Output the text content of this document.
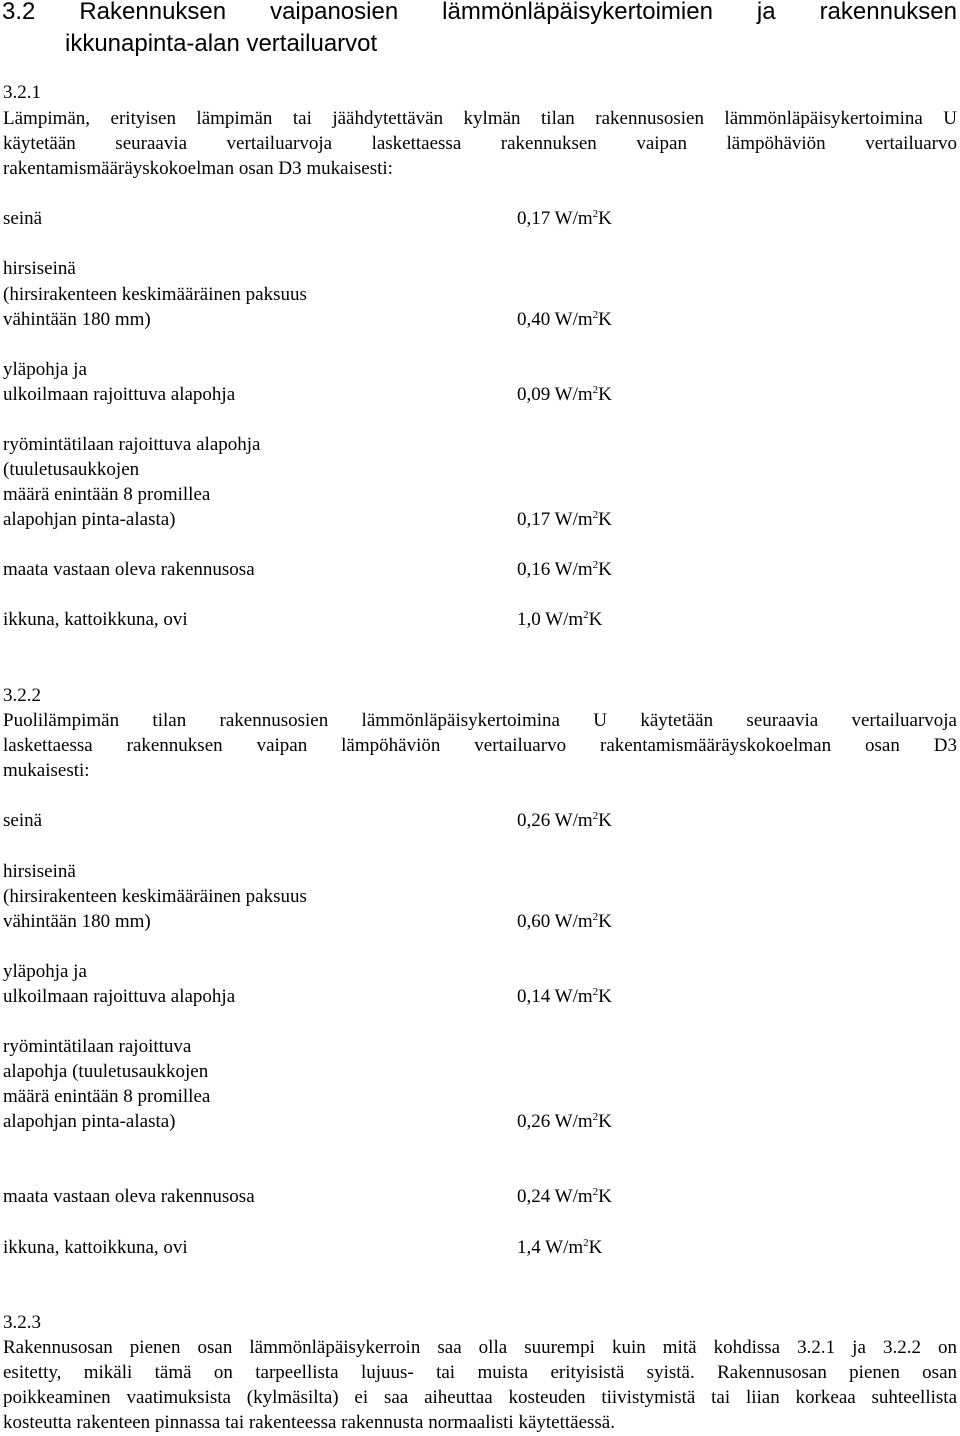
3.2 Rakennuksen vaipanosien lämmönläpäisykertoimien ja rakennuksen
ikkunapinta-alan vertailuarvot
3.2.1
Lämpimän, erityisen lämpimän tai jäähdytettävän kylmän tilan rakennusosien lämmönläpäisykertoimina U
käytetään seuraavia vertailuarvoja laskettaessa rakennuksen vaipan lämpöhäviön vertailuarvo
rakentamismääräyskokoelman osan D3 mukaisesti:
seinä	0,17 $W/m^2K$
hirsiseinä
(hirsirakenteen keskimääräinen paksuus
vähintään 180 mm)	0,40 $W/m^2K$
yläpohja ja
ulkoilmaan rajoittuva alapohja	0,09 $W/m^2K$
ryömintätilaan rajoittuva alapohja
(tuuletusaukkojen
määrä enintään 8 promillea
alapohjan pinta-alasta)	0,17 $W/m^2K$
maata vastaan oleva rakennusosa	0,16 $W/m^2K$
ikkuna, kattoikkuna, ovi	1,0 $W/m^2K$
3.2.2
Puolilämpimän tilan rakennusosien lämmönläpäisykertoimina U käytetään seuraavia vertailuarvoja
laskettaessa rakennuksen vaipan lämpöhäviön vertailuarvo rakentamismääräyskokoelman osan D3
mukaisesti:
seinä	0,26 $W/m^2K$
hirsiseinä
(hirsirakenteen keskimääräinen paksuus
vähintään 180 mm)	0,60 $W/m^2K$
yläpohja ja
ulkoilmaan rajoittuva alapohja	0,14 $W/m^2K$
ryömintätilaan rajoittuva
alapohja (tuuletusaukkojen
määrä enintään 8 promillea
alapohjan pinta-alasta)	0,26 $W/m^2K$
maata vastaan oleva rakennusosa	0,24 $W/m^2K$
ikkuna, kattoikkuna, ovi	1,4 $W/m^2K$
3.2.3
Rakennusosan pienen osan lämmönläpäisykerroin saa olla suurempi kuin mitä kohdissa 3.2.1 ja 3.2.2 on
esitetty, mikäli tämä on tarpeellista lujuus- tai muista erityisistä syistä. Rakennusosan pienen osan
poikkeaminen vaatimuksista (kylmäsilta) ei saa aiheuttaa kosteuden tiivistymistä tai liian korkeaa suhteellista
kosteutta rakenteen pinnassa tai rakenteessa rakennusta normaalisti käytettäessä.
